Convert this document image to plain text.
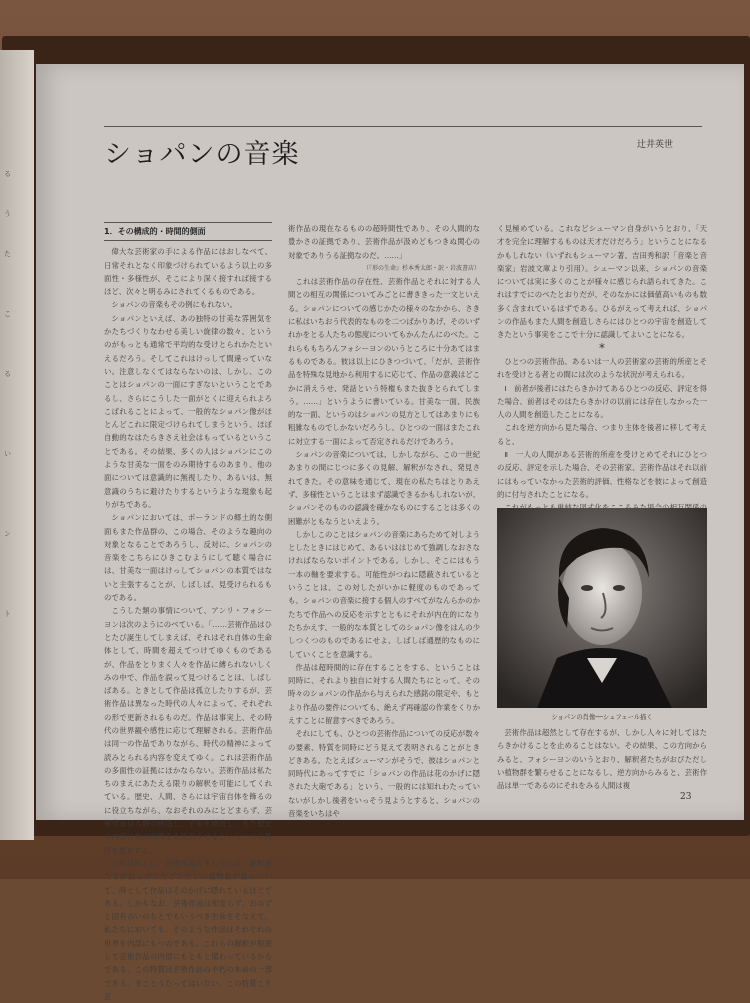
る
う
た
こ
る
い
ン
ト
ショパンの音楽	辻井英世
1．その構成的・時間的側面

偉大な芸術家の手による作品にはおしなべて、日常それとなく印象づけられているよう以上の多面性・多様性が、そこにより深く接すれば接するほど、次々と明るみにされてくるものである。

ショパンの音楽もその例にもれない。

ショパンといえば、あの独特の甘美な雰囲気をかたちづくりなわせる美しい旋律の数々、というのがもっとも通常で平均的な受けとられかたといえるだろう。そしてこれはけっして間違っていない。注意しなくてはならないのは、しかし、このことはショパンの一面にすぎないということであるし、さらにこうした一面がとくに迎えられよろこばれることによって、一般的なショパン像がほとんどこれに限定づけられてしまうという、ほぼ自動的なはたらきさえ社会はもっているということである。その結果、多くの人はショパンにこのような甘美な一面をのみ期待するのあまり、他の面については意識的に無視したり、あるいは、無意識のうちに避けたりするというような現象も起りがちである。

ショパンにおいては、ポーランドの郷土的な側面もまた作品群の、この場合、そのような趣向の対象となることであろうし、反対に、ショパンの音楽をこちらにひきこむようにして聴く場合には、甘美な一面はけっしてショパンの本質ではないと主張することが、しばしば、見受けられるものである。

こうした類の事情について、アンリ・フォシーヨンは次のようにのべている。「……芸術作品はひとたび誕生してしまえば、それはそれ自体の生命体として、時間を超えてつけてゆくものであるが、作品をとりまく人々を作品に縛られないしくみの中で、作品を誤って見つけることは、しばしばある。ときとして作品は孤立したりするが、芸術作品は異なった時代の人々によって、それぞれの形で更新されるものだ。作品は事実上、その時代の世界観や感性に応じて理解される。芸術作品は同一の作品でありながら、時代の精神によって読みとられる内容を変えてゆく。これは芸術作品の多面性の証拠にほかならない。芸術作品は私たちのまえにあたえる限りの解釈を可能にしてくれている。歴史、人間、さらには宇宙自体を飾るのに役立ちながら、なおそれのみにとどまらず、芸術作品は人間の創造し、宇宙を創造し、また歴史の内部に他の時間をも流出させるという一つの秩序を要求する。

これはゆえに、芸術作品のまわりには、解釈者たちが群らがりだびただしい植物群が絡みついて、時として作品はそのかげに隠れているほどである。しかもなお、芸術作品は相変らず、おのずと固有のいのちとでもいうべき生命をそなえて、私たちにおいても、そのような作品はそれぞれの世界を内部にもつのである。これらの解釈が根底して芸術作品の内部にもともと備わっているからである。この特質は芸術作品の不朽の本命の一部である。まことうたってはいない、この特質こそ芸

術作品の現在なるものの超時間性であり、その人間的な豊かさの証拠であり、芸術作品が汲めどもつきぬ関心の対象でありうる証拠なのだ。……」

（『形の生命』杉本秀太郎・訳・岩波書店）

これは芸術作品の存在性、芸術作品とそれに対する人間との相互の関係についてみごとに書ききった一文といえる。ショパンについての感じかたの様々のなかから、さきに私はいちおう代表的なものを二つばかりあげ、そのいずれかをとる人たちの態度についてもかんたんにのべた。これらももちろんフォシーヨンのいうところに十分あてはまるものである。彼は以上にひきつづいて、「だが、芸術作品を特殊な見地から利用するに応じて、作品の意義はどこかに消えうせ、発話という特権もまた抜きとられてしまう。……」というように書いている。甘美な一面、民族的な一面、というのはショパンの見方としてはあまりにも粗雑なものでしかないだろうし、ひとつの一面はまたこれに対立する一面によって否定されるだけであろう。

ショパンの音楽については、しかしながら、この一世紀あまりの間にじつに多くの見解、解釈がなされ、発見されてきた。その意味を通じて、現在の私たちはとりあえず、多様性ということはまず認識できるかもしれないが、ショパンそのものの認識を確かなものにすることは多くの困難がともなうといえよう。

しかしこのことはショパンの音楽にあらためて対しようとしたときにはじめて、あるいははじめて強調しなおさなければならないポイントである。しかし、そこにはもう一本の軸を要求する。可能性がつねに隠蔽されているということは、この対したがいかに軽度のものであっても、ショパンの音楽に接する個人のすべてがなんらかのかたちで作品への反応を示すとともにそれが内在的になりたちかえす、一般的な本質としてのショパン像をはんの少しつくつのものであるにせよ、しばしば通歴的なものにしていくことを意識する。

作品は超時間的に存在することをする、ということは同時に、それより独自に対する人間たちにとって、その時々のショパンの作品から与えられた感銘の限定や、もとより作品の要件についても、絶えず再確認の作業をくりかえすことに留意すべきであろう。

それにしても、ひとつの芸術作品についての反応が数々の要素、特質を同時にどう見えて表明されることがときどきある。たとえばシューマンがそうで、彼はショパンと同時代にあってすでに「ショパンの作品は花のかげに隠された大砲である」という、一般的には知れわたっていないがしかし後者をいっそう見ようとすると、ショパンの音楽をいちはや

く見極めている。これなどシューマン自身がいうとおり、「天才を完全に理解するものは天才だけだろう」ということになるかもしれない（いずれもシューマン著、吉田秀和訳「音楽と音楽家」岩波文庫より引用）。シューマン以来、ショパンの音楽については実に多くのことが様々に感じられ語られてきた。これはすでにのべたとおりだが、そのなかには価値高いものも数多く含まれているはずである。ひるがえって考えれば、ショパンの作品もまた人間を創造しさらにはひとつの宇宙を創造してきたという事実をここで十分に認識してよいことになる。

*

ひとつの芸術作品、あるいは一人の芸術家の芸術的所産とそれを受けとる者との間には次のような状況が考えられる。

Ⅰ　前者が後者にはたらきかけてあるひとつの反応、評定を得た場合、前者はそのはたらきかけの以前には存在しなかった一人の人間を創造したことになる。

これを逆方向から見た場合、つまり主体を後者に移して考えると、

Ⅱ　一人の人間がある芸術的所産を受けとめてそれにひとつの反応、評定を示した場合、その芸術家、芸術作品はそれ以前にはもっていなかった芸術的評価、性格などを彼によって創造的に付与されたことになる。

ショパンの肖像──シュフェール描く

芸術作品は超然として存在するが、しかし人々に対してはたらきかけることを止めることはない。その結果、この方向からみると、フォシーヨンのいうとおり、解釈者たちがおびただしい植物群を繁らせることになるし、逆方向からみると、芸術作品は単一であるのにそれをみる人間は複

23
